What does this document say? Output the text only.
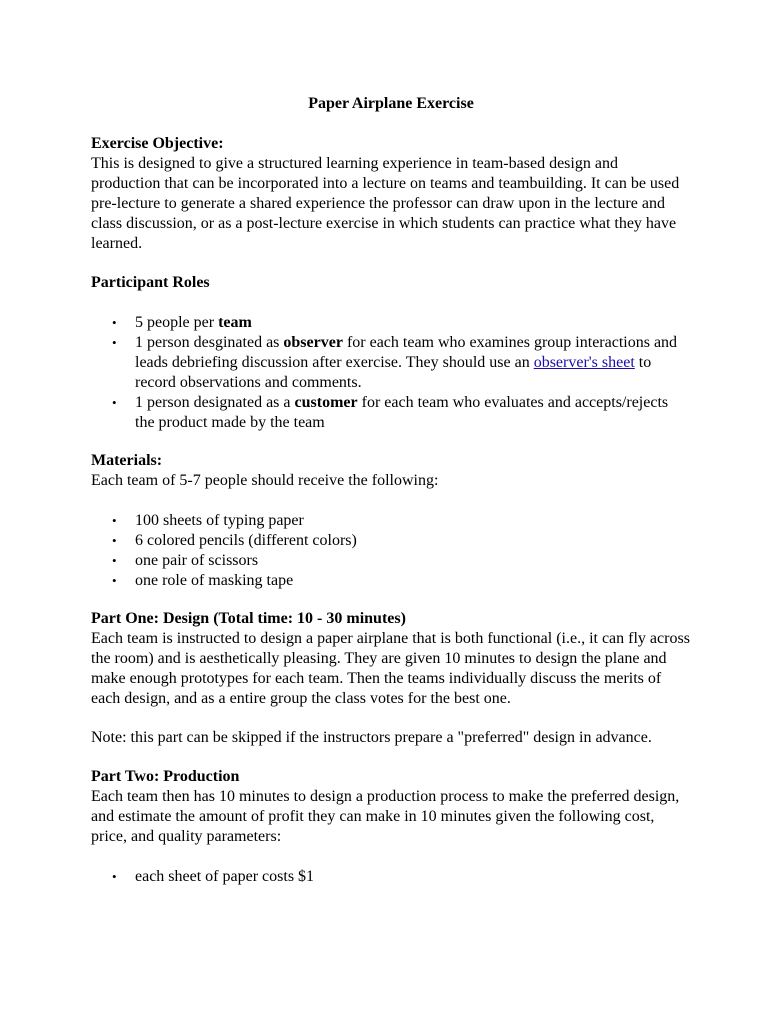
Paper Airplane Exercise
Exercise Objective:

This is designed to give a structured learning experience in team-based design and production that can be incorporated into a lecture on teams and teambuilding. It can be used pre-lecture to generate a shared experience the professor can draw upon in the lecture and class discussion, or as a post-lecture exercise in which students can practice what they have learned.

Participant Roles
• 5 people per team
• 1 person desginated as observer for each team who examines group interactions and leads debriefing discussion after exercise. They should use an observer's sheet to record observations and comments.
• 1 person designated as a customer for each team who evaluates and accepts/rejects the product made by the team
Materials:

Each team of 5-7 people should receive the following:

• 100 sheets of typing paper
• 6 colored pencils (different colors)
• one pair of scissors
• one role of masking tape
Part One: Design (Total time: 10 - 30 minutes)

Each team is instructed to design a paper airplane that is both functional (i.e., it can fly across the room) and is aesthetically pleasing. They are given 10 minutes to design the plane and make enough prototypes for each team. Then the teams individually discuss the merits of each design, and as a entire group the class votes for the best one.

Note: this part can be skipped if the instructors prepare a "preferred" design in advance.

Part Two: Production

Each team then has 10 minutes to design a production process to make the preferred design, and estimate the amount of profit they can make in 10 minutes given the following cost, price, and quality parameters:

• each sheet of paper costs $1
